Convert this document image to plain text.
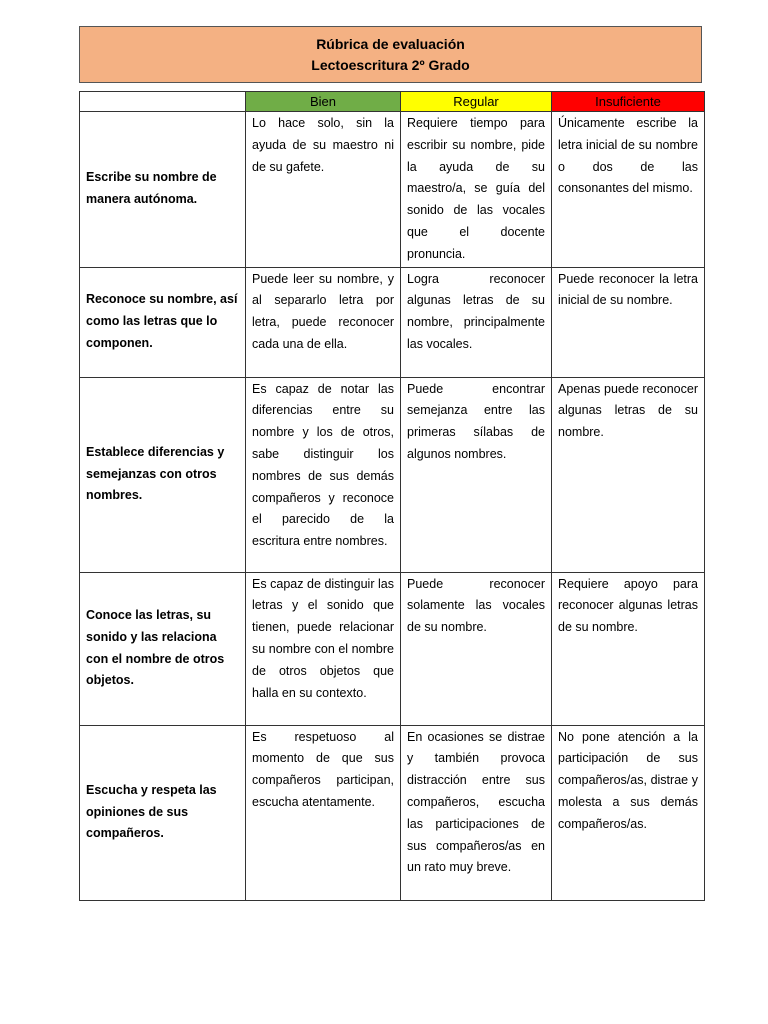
Rúbrica de evaluación
Lectoescritura 2º Grado
	Bien	Regular	Insuficiente
Escribe su nombre de manera autónoma.	Lo hace solo, sin la ayuda de su maestro ni de su gafete.	Requiere tiempo para escribir su nombre, pide la ayuda de su maestro/a, se guía del sonido de las vocales que el docente pronuncia.	Únicamente escribe la letra inicial de su nombre o dos de las consonantes del mismo.
Reconoce su nombre, así como las letras que lo componen.	Puede leer su nombre, y al separarlo letra por letra, puede reconocer cada una de ella.	Logra reconocer algunas letras de su nombre, principalmente las vocales.	Puede reconocer la letra inicial de su nombre.
Establece diferencias y semejanzas con otros nombres.	Es capaz de notar las diferencias entre su nombre y los de otros, sabe distinguir los nombres de sus demás compañeros y reconoce el parecido de la escritura entre nombres.	Puede encontrar semejanza entre las primeras sílabas de algunos nombres.	Apenas puede reconocer algunas letras de su nombre.
Conoce las letras, su sonido y las relaciona con el nombre de otros objetos.	Es capaz de distinguir las letras y el sonido que tienen, puede relacionar su nombre con el nombre de otros objetos que halla en su contexto.	Puede reconocer solamente las vocales de su nombre.	Requiere apoyo para reconocer algunas letras de su nombre.
Escucha y respeta las opiniones de sus compañeros.	Es respetuoso al momento de que sus compañeros participan, escucha atentamente.	En ocasiones se distrae y también provoca distracción entre sus compañeros, escucha las participaciones de sus compañeros/as en un rato muy breve.	No pone atención a la participación de sus compañeros/as, distrae y molesta a sus demás compañeros/as.
